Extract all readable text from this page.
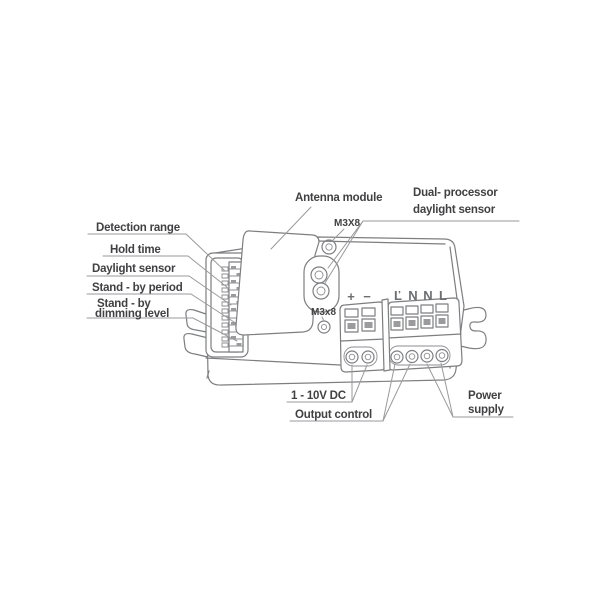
Antenna module	Dual- processor
daylight sensor
M3X8
M3x8
Detection range
Hold time
Daylight sensor
Stand - by period
Stand - by
dimming level
1 - 10V DC
Output control
Power
supply
+ − Ľ N N L
